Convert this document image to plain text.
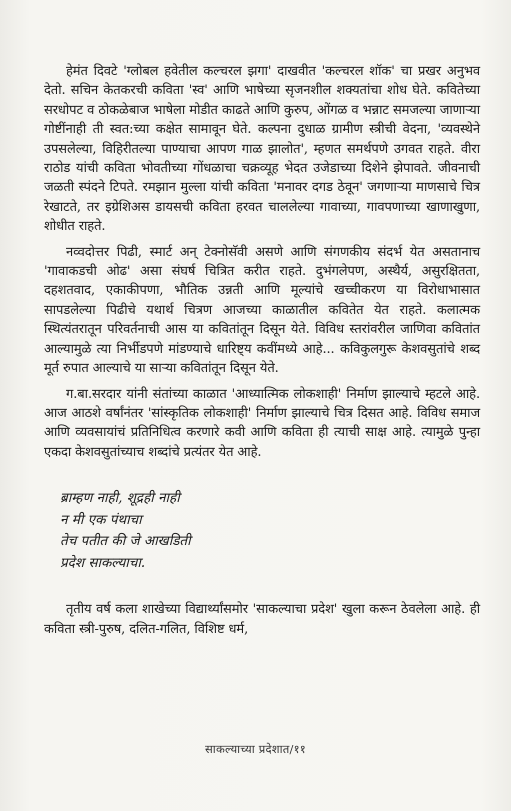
हेमंत दिवटे 'ग्लोबल हवेतील कल्चरल झगा' दाखवीत 'कल्चरल शॉक' चा प्रखर अनुभव देतो. सचिन केतकरची कविता 'स्व' आणि भाषेच्या सृजनशील शक्यतांचा शोध घेते. कवितेच्या सरधोपट व ठोकळेबाज भाषेला मोडीत काढते आणि कुरुप, ओंगळ व भन्नाट समजल्या जाणाऱ्या गोष्टींनाही ती स्वत:च्या कक्षेत सामावून घेते. कल्पना दुधाळ ग्रामीण स्त्रीची वेदना, 'व्यवस्थेने उपसलेल्या, विहिरीतल्या पाण्याचा आपण गाळ झालोत', म्हणत समर्थपणे उगवत राहते. वीरा राठोड यांची कविता भोवतीच्या गोंधळाचा चक्रव्यूह भेदत उजेडाच्या दिशेने झेपावते. जीवनाची जळती स्पंदने टिपते. रमझान मुल्ला यांची कविता 'मनावर दगड ठेवून' जगणाऱ्या माणसाचे चित्र रेखाटते, तर इग्रेशिअस डायसची कविता हरवत चाललेल्या गावाच्या, गावपणाच्या खाणाखुणा, शोधीत राहते.

नव्वदोत्तर पिढी, स्मार्ट अन् टेक्नोसॅवी असणे आणि संगणकीय संदर्भ येत असतानाच 'गावाकडची ओढ' असा संघर्ष चित्रित करीत राहते. दुभंगलेपण, अस्थैर्य, असुरक्षितता, दहशतवाद, एकाकीपणा, भौतिक उन्नती आणि मूल्यांचे खच्चीकरण या विरोधाभासात सापडलेल्या पिढीचे यथार्थ चित्रण आजच्या काळातील कवितेत येत राहते. कलात्मक स्थित्यंतरातून परिवर्तनाची आस या कवितांतून दिसून येते. विविध स्तरांवरील जाणिवा कवितांत आल्यामुळे त्या निर्भीडपणे मांडण्याचे धारिष्ट्य कवींमध्ये आहे... कविकुलगुरू केशवसुतांचे शब्द मूर्त रुपात आल्याचे या साऱ्या कवितांतून दिसून येते.

ग.बा.सरदार यांनी संतांच्या काळात 'आध्यात्मिक लोकशाही' निर्माण झाल्याचे म्हटले आहे. आज आठशे वर्षांनंतर 'सांस्कृतिक लोकशाही' निर्माण झाल्याचे चित्र दिसत आहे. विविध समाज आणि व्यवसायांचं प्रतिनिधित्व करणारे कवी आणि कविता ही त्याची साक्ष आहे. त्यामुळे पुन्हा एकदा केशवसुतांच्याच शब्दांचे प्रत्यंतर येत आहे.

ब्राम्हण नाही, शूद्रही नाही
न मी एक पंथाचा
तेच पतीत की जे आखडिती
प्रदेश साकल्याचा.

तृतीय वर्ष कला शाखेच्या विद्यार्थ्यांसमोर 'साकल्याचा प्रदेश' खुला करून ठेवलेला आहे. ही कविता स्त्री-पुरुष, दलित-गलित, विशिष्ट धर्म,

साकल्याच्या प्रदेशात/११
